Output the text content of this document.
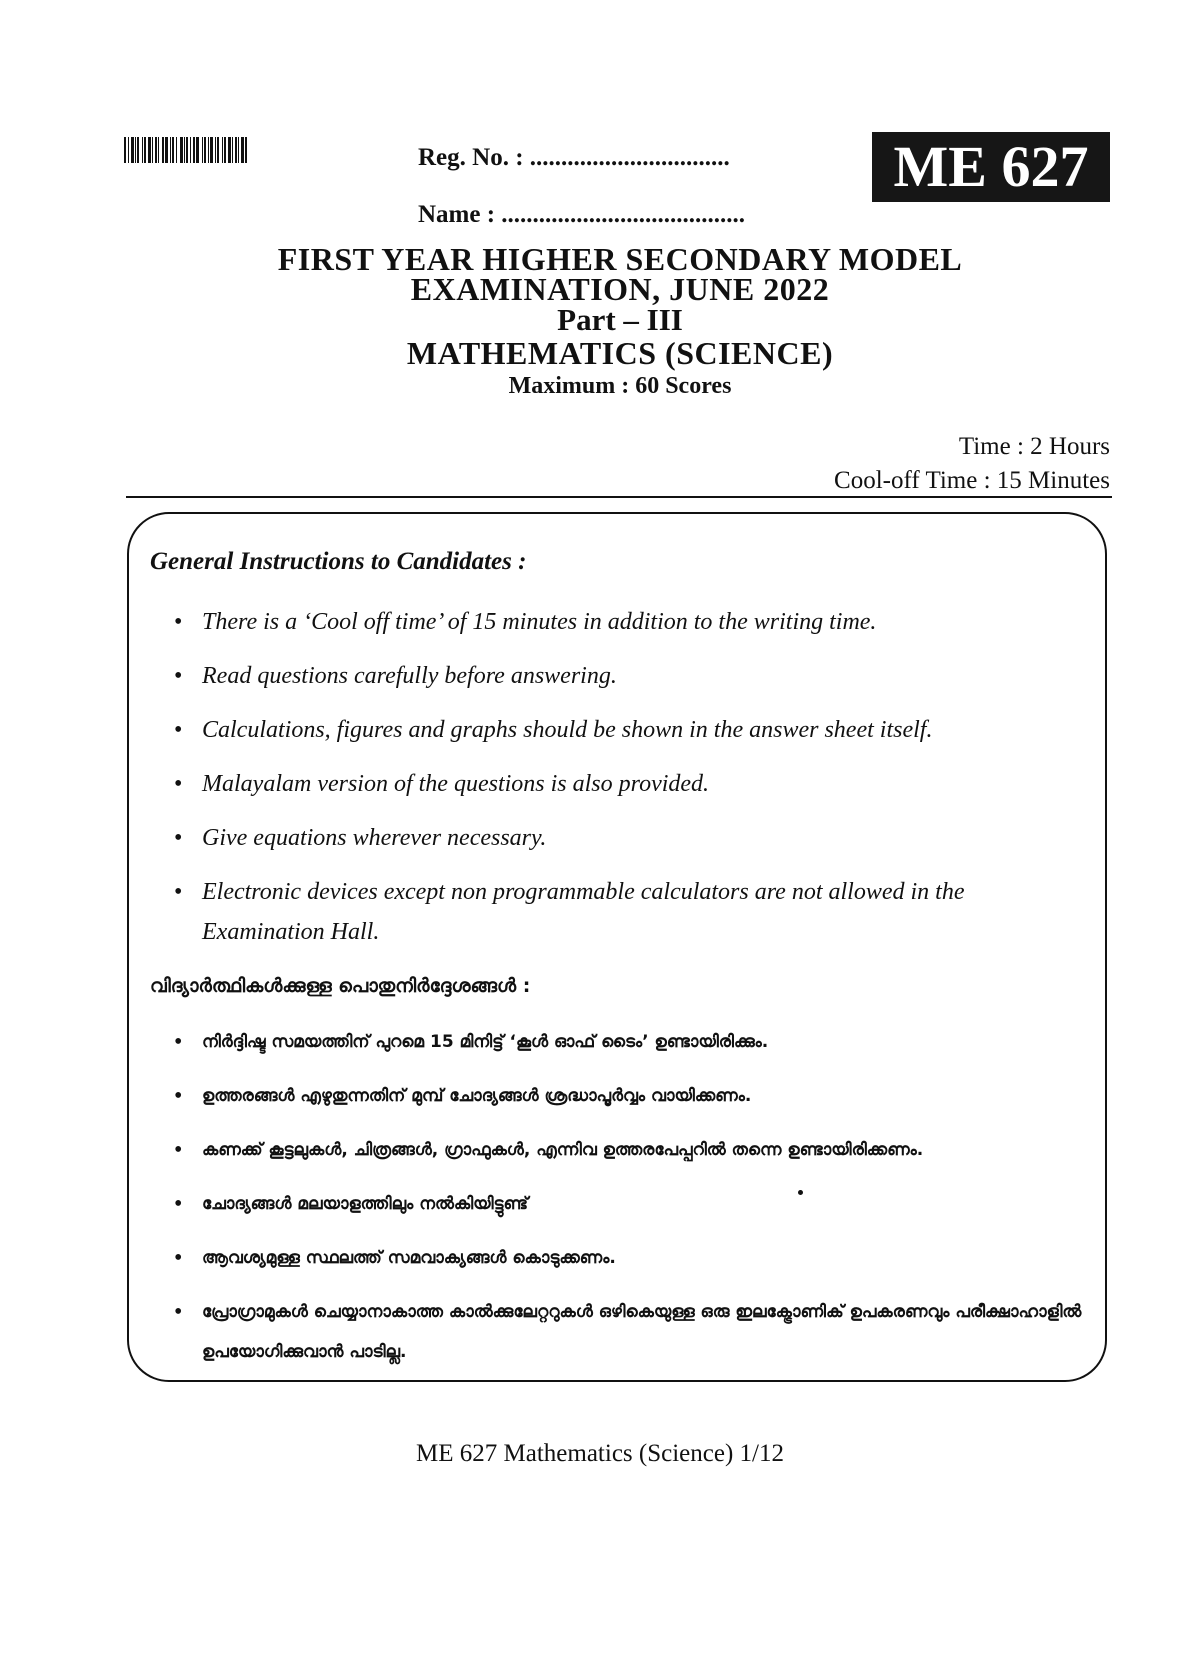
Reg. No. : ................................
Name : .......................................
ME 627
FIRST YEAR HIGHER SECONDARY MODEL
EXAMINATION, JUNE 2022
Part – III
MATHEMATICS (SCIENCE)
Maximum : 60 Scores
Time : 2 Hours
Cool-off Time : 15 Minutes
General Instructions to Candidates :
• There is a ‘Cool off time’ of 15 minutes in addition to the writing time.
• Read questions carefully before answering.
• Calculations, figures and graphs should be shown in the answer sheet itself.
• Malayalam version of the questions is also provided.
• Give equations wherever necessary.
• Electronic devices except non programmable calculators are not allowed in the Examination Hall.
വിദ്യാർത്ഥികൾക്കുള്ള പൊതുനിർദ്ദേശങ്ങൾ :
• നിർദ്ദിഷ്ട സമയത്തിന് പുറമെ 15 മിനിട്ട് ‘കൂൾ ഓഫ് ടൈം’ ഉണ്ടായിരിക്കും.
• ഉത്തരങ്ങൾ എഴുതുന്നതിന് മുമ്പ് ചോദ്യങ്ങൾ ശ്രദ്ധാപൂർവ്വം വായിക്കണം.
• കണക്ക് കൂട്ടലുകൾ, ചിത്രങ്ങൾ, ഗ്രാഫുകൾ, എന്നിവ ഉത്തരപേപ്പറിൽ തന്നെ ഉണ്ടായിരിക്കണം.
• ചോദ്യങ്ങൾ മലയാളത്തിലും നൽകിയിട്ടുണ്ട്
• ആവശ്യമുള്ള സ്ഥലത്ത് സമവാക്യങ്ങൾ കൊടുക്കണം.
• പ്രോഗ്രാമുകൾ ചെയ്യാനാകാത്ത കാൽക്കുലേറ്ററുകൾ ഒഴികെയുള്ള ഒരു ഇലക്ട്രോണിക് ഉപകരണവും പരീക്ഷാഹാളിൽ ഉപയോഗിക്കുവാൻ പാടില്ല.
ME 627 Mathematics (Science) 1/12
